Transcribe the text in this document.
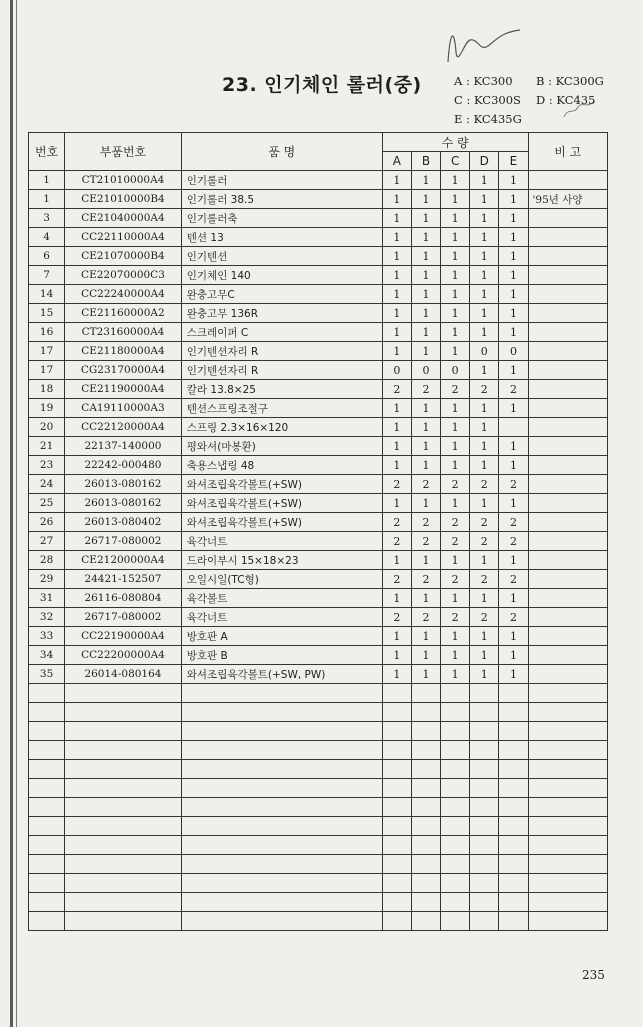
23. 인기체인 롤러(중)	A : KC300 B : KC300G
C : KC300S D : KC435
E : KC435G
번호	부품번호	품 명	수 량					비 고
			A	B	C	D	E	
1	CT21010000A4	인기롤러	1	1	1	1	1	
1	CE21010000B4	인기롤러 38.5	1	1	1	1	1	'95년 사양
3	CE21040000A4	인기롤러축	1	1	1	1	1	
4	CC22110000A4	텐션 13	1	1	1	1	1	
6	CE21070000B4	인기텐션	1	1	1	1	1	
7	CE22070000C3	인기체인 140	1	1	1	1	1	
14	CC22240000A4	완충고무C	1	1	1	1	1	
15	CE21160000A2	완충고무 136R	1	1	1	1	1	
16	CT23160000A4	스크레이퍼 C	1	1	1	1	1	
17	CE21180000A4	인기텐션자리 R	1	1	1	0	0	
17	CG23170000A4	인기텐션자리 R	0	0	0	1	1	
18	CE21190000A4	칼라 13.8×25	2	2	2	2	2	
19	CA19110000A3	텐션스프링조절구	1	1	1	1	1	
20	CC22120000A4	스프링 2.3×16×120	1	1	1	1		
21	22137-140000	평와셔(마봉환)	1	1	1	1	1	
23	22242-000480	축용스냅링 48	1	1	1	1	1	
24	26013-080162	와셔조립육각볼트(+SW)	2	2	2	2	2	
25	26013-080162	와셔조립육각볼트(+SW)	1	1	1	1	1	
26	26013-080402	와셔조립육각볼트(+SW)	2	2	2	2	2	
27	26717-080002	육각너트	2	2	2	2	2	
28	CE21200000A4	드라이부시 15×18×23	1	1	1	1	1	
29	24421-152507	오일시일(TC형)	2	2	2	2	2	
31	26116-080804	육각볼트	1	1	1	1	1	
32	26717-080002	육각너트	2	2	2	2	2	
33	CC22190000A4	방호판 A	1	1	1	1	1	
34	CC22200000A4	방호판 B	1	1	1	1	1	
35	26014-080164	와셔조립육각볼트(+SW, PW)	1	1	1	1	1	

235
